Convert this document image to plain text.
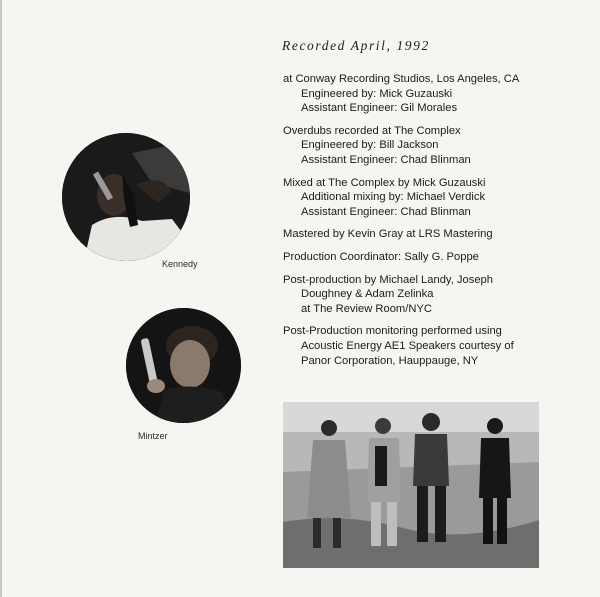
Kennedy
Mintzer
Recorded April, 1992
at Conway Recording Studios, Los Angeles, CA
Engineered by: Mick Guzauski
Assistant Engineer: Gil Morales
Overdubs recorded at The Complex
Engineered by: Bill Jackson
Assistant Engineer: Chad Blinman
Mixed at The Complex by Mick Guzauski
Additional mixing by: Michael Verdick
Assistant Engineer: Chad Blinman
Mastered by Kevin Gray at LRS Mastering
Production Coordinator: Sally G. Poppe
Post-production by Michael Landy, Joseph
Doughney & Adam Zelinka
at The Review Room/NYC
Post-Production monitoring performed using
Acoustic Energy AE1 Speakers courtesy of
Panor Corporation, Hauppauge, NY
